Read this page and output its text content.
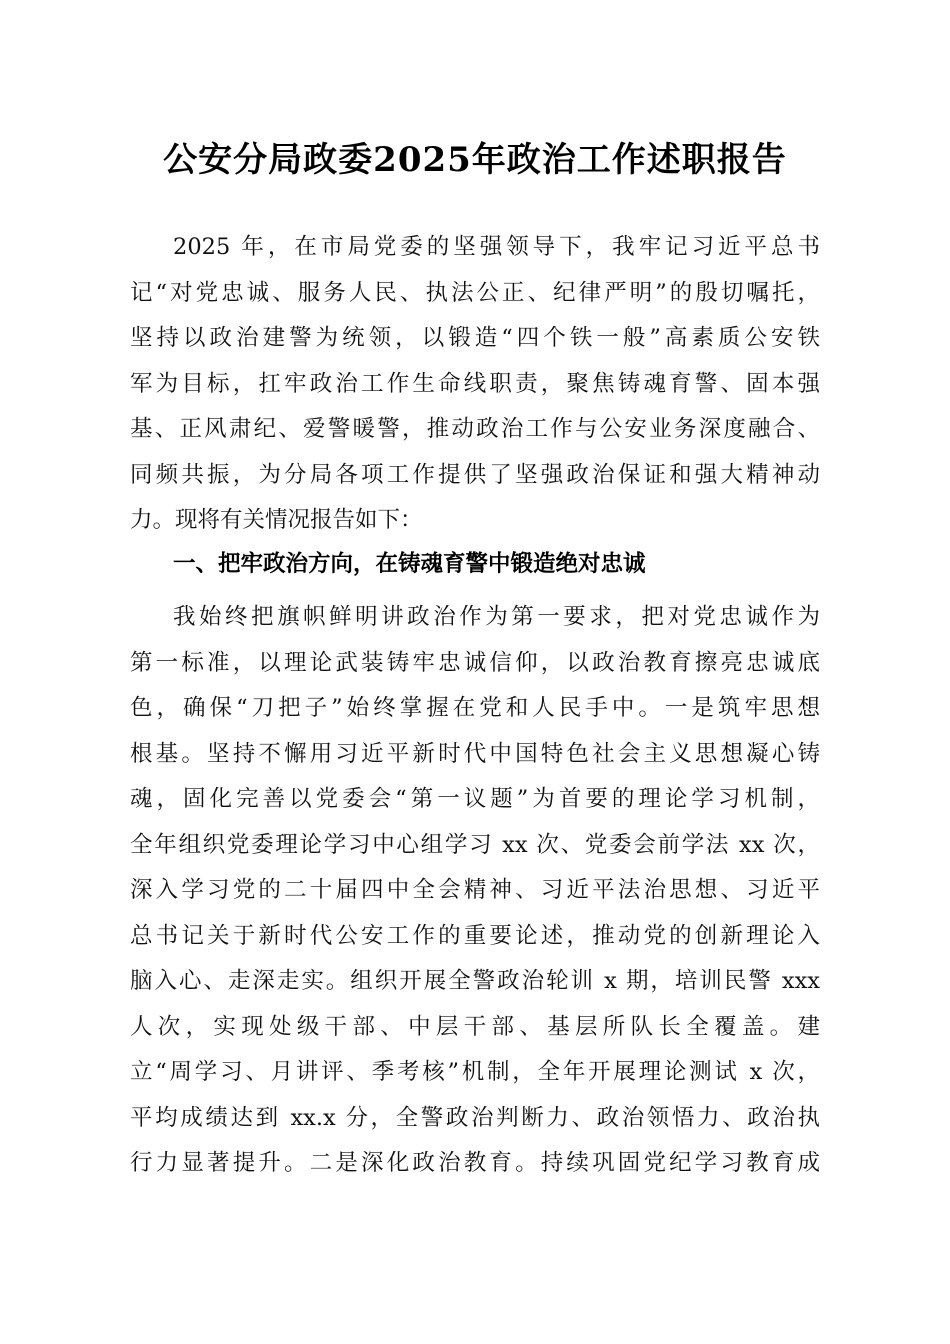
公安分局政委2025年政治工作述职报告
2025 年，在市局党委的坚强领导下，我牢记习近平总书
记“对党忠诚、服务人民、执法公正、纪律严明”的殷切嘱托，
坚持以政治建警为统领，以锻造“四个铁一般”高素质公安铁
军为目标，扛牢政治工作生命线职责，聚焦铸魂育警、固本强
基、正风肃纪、爱警暖警，推动政治工作与公安业务深度融合、
同频共振，为分局各项工作提供了坚强政治保证和强大精神动
力。现将有关情况报告如下：
一、把牢政治方向，在铸魂育警中锻造绝对忠诚
我始终把旗帜鲜明讲政治作为第一要求，把对党忠诚作为
第一标准，以理论武装铸牢忠诚信仰，以政治教育擦亮忠诚底
色，确保“刀把子”始终掌握在党和人民手中。一是筑牢思想
根基。坚持不懈用习近平新时代中国特色社会主义思想凝心铸
魂，固化完善以党委会“第一议题”为首要的理论学习机制，
全年组织党委理论学习中心组学习 xx 次、党委会前学法 xx 次，
深入学习党的二十届四中全会精神、习近平法治思想、习近平
总书记关于新时代公安工作的重要论述，推动党的创新理论入
脑入心、走深走实。组织开展全警政治轮训 x 期，培训民警 xxx
人次，实现处级干部、中层干部、基层所队长全覆盖。建
立“周学习、月讲评、季考核”机制，全年开展理论测试 x 次，
平均成绩达到 xx.x 分，全警政治判断力、政治领悟力、政治执
行力显著提升。二是深化政治教育。持续巩固党纪学习教育成
